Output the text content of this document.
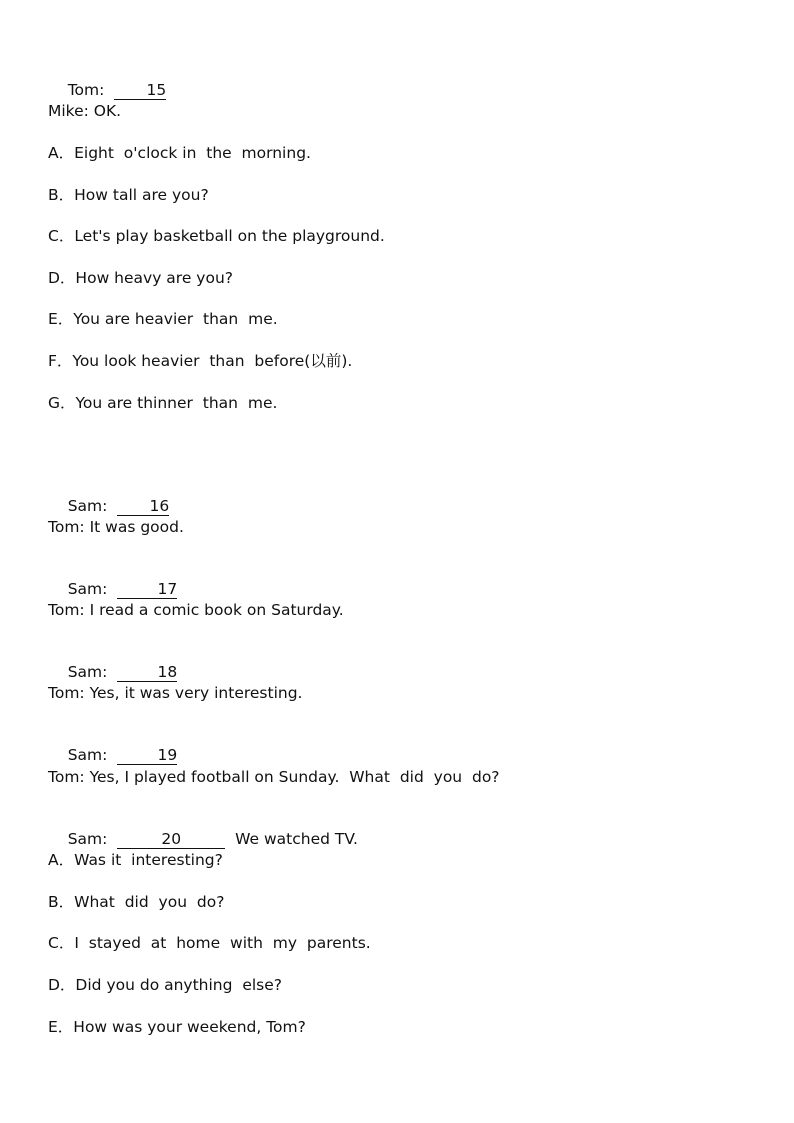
Tom:	15

Mike: OK.
A．Eight  o'clock in  the  morning.
B．How tall are you?
C．Let's play basketball on the playground.
D．How heavy are you?
E．You are heavier  than  me.
F．You look heavier  than  before(以前).
G．You are thinner  than  me.

Sam:	16

Tom: It was good.

Sam:	17

Tom: I read a comic book on Saturday.

Sam:	18

Tom: Yes, it was very interesting.

Sam:	19

Tom: Yes, I played football on Sunday.  What  did  you  do?

Sam:	20	We watched TV.

A．Was it  interesting?
B．What  did  you  do?
C．I  stayed  at  home  with  my  parents.
D．Did you do anything  else?
E．How was your weekend, Tom?
